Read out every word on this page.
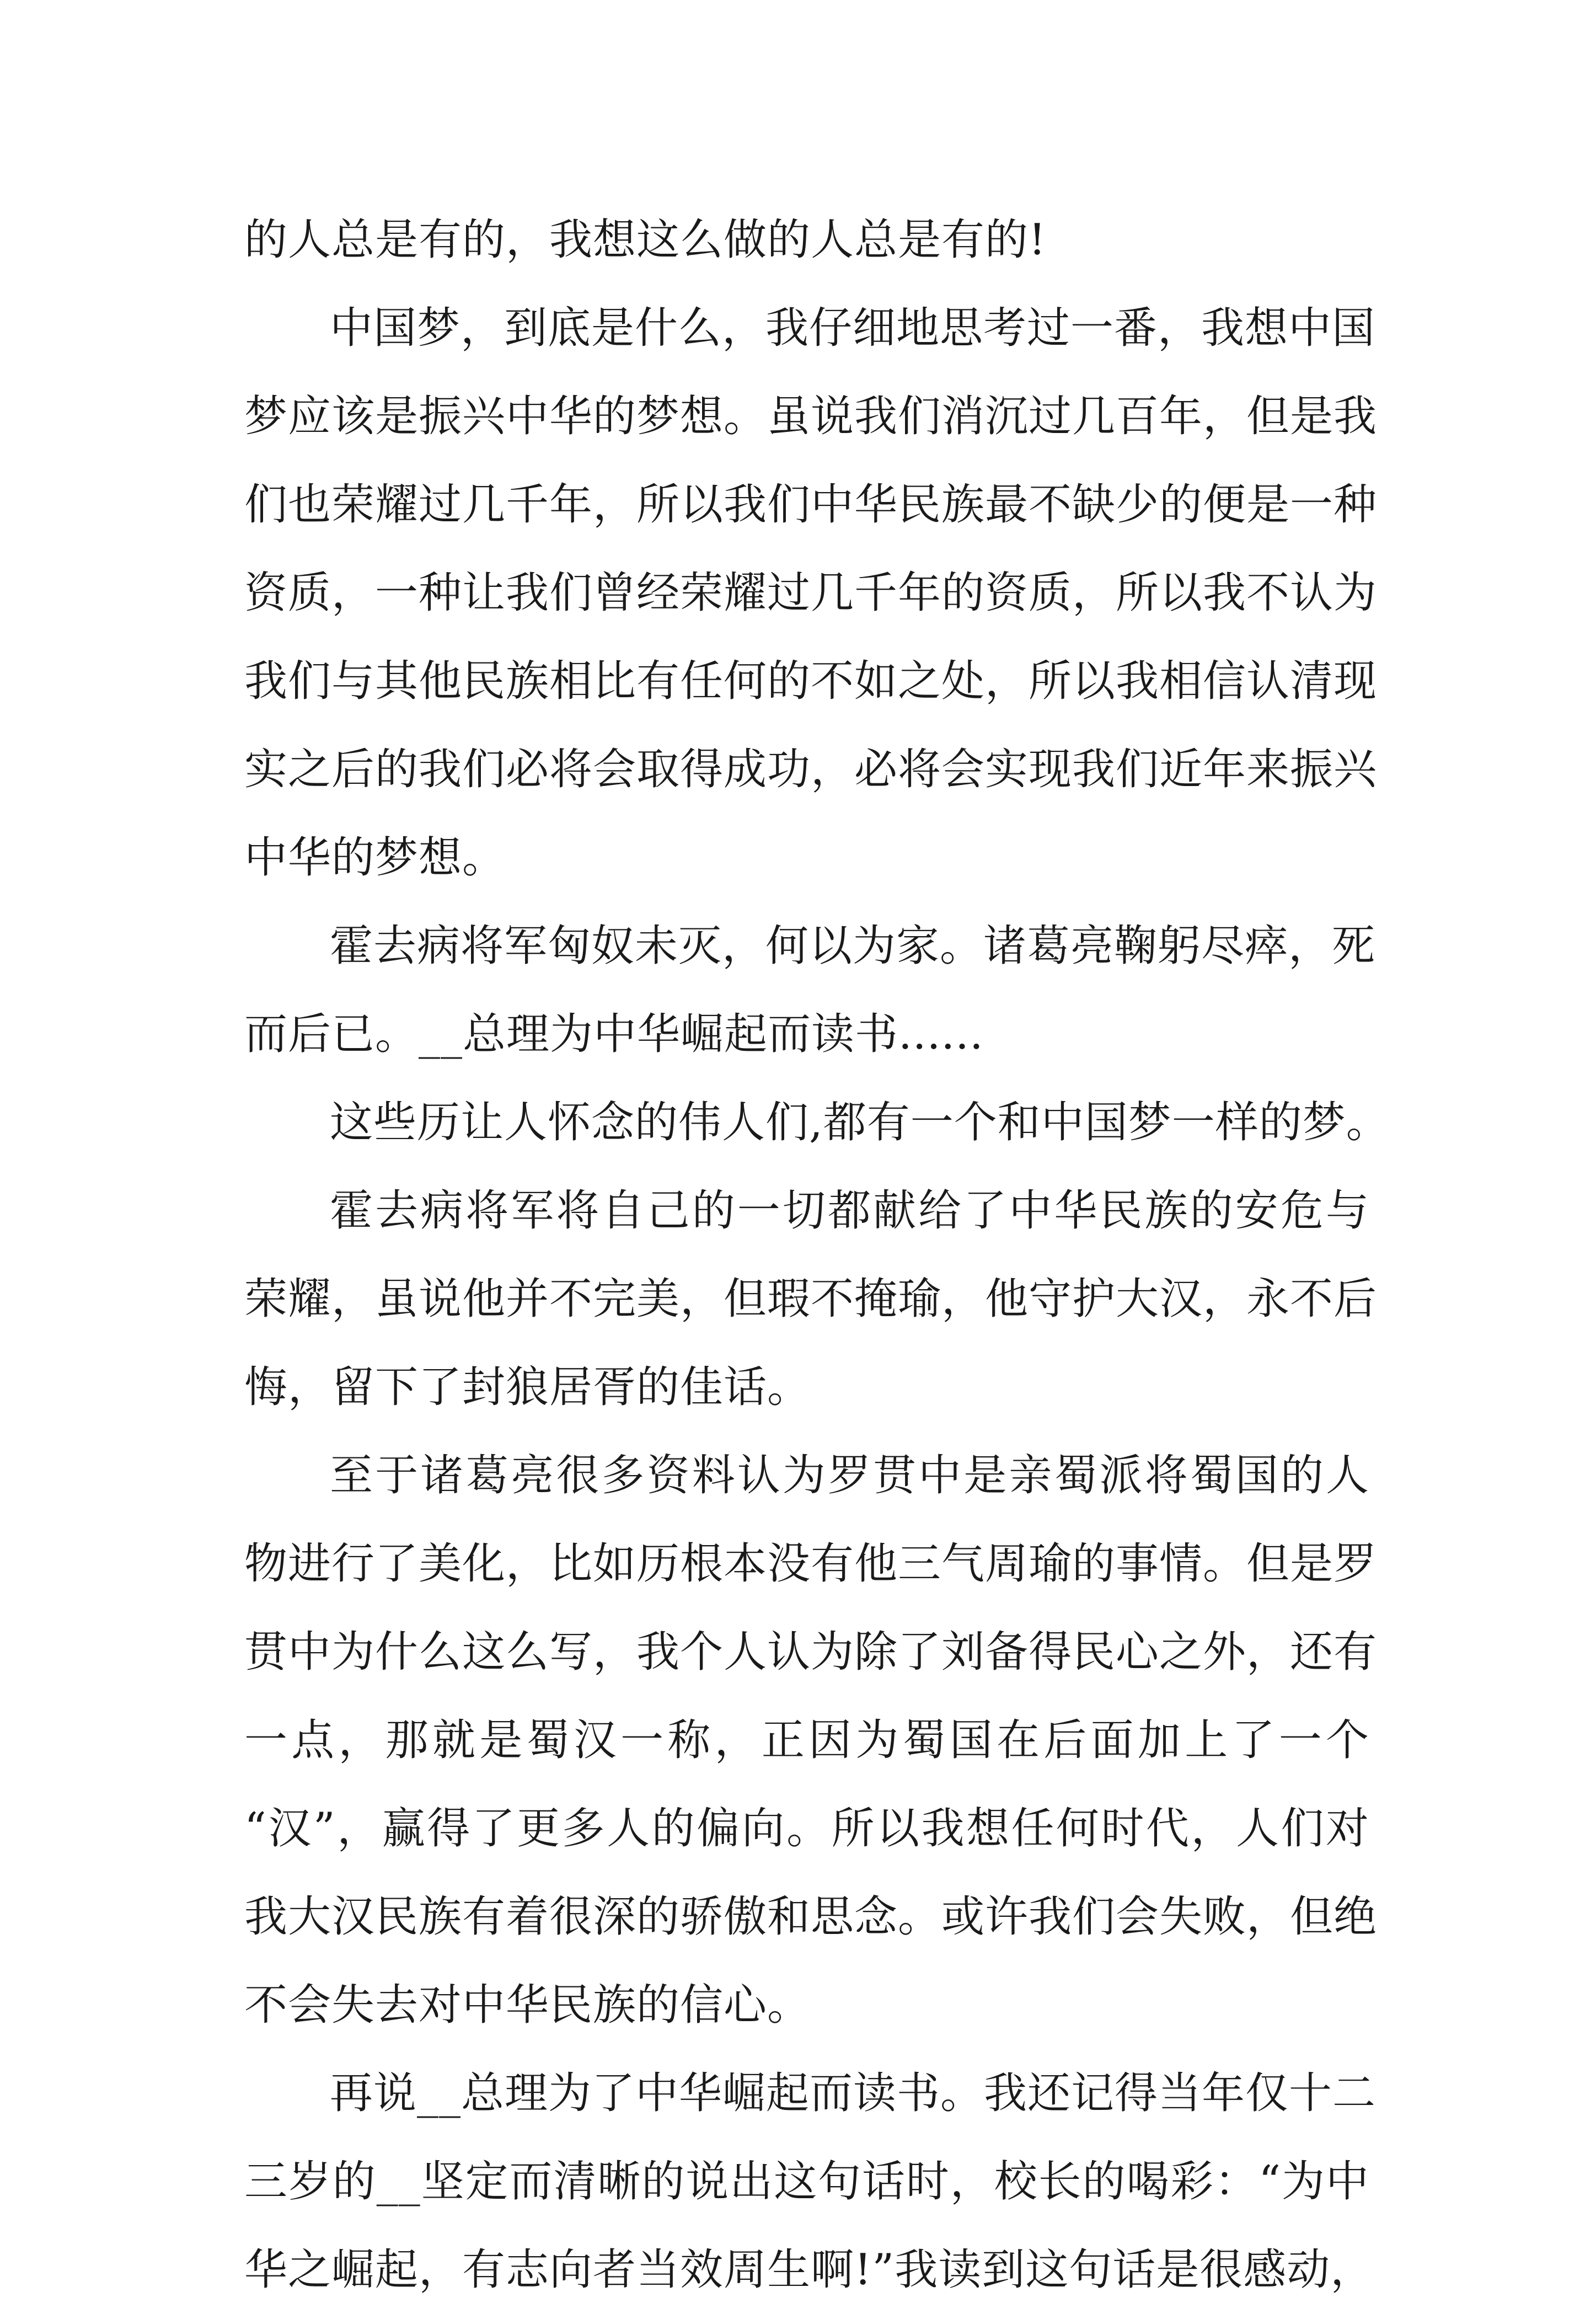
的人总是有的，我想这么做的人总是有的!
中国梦，到底是什么，我仔细地思考过一番，我想中国
梦应该是振兴中华的梦想。虽说我们消沉过几百年，但是我
们也荣耀过几千年，所以我们中华民族最不缺少的便是一种
资质，一种让我们曾经荣耀过几千年的资质，所以我不认为
我们与其他民族相比有任何的不如之处，所以我相信认清现
实之后的我们必将会取得成功，必将会实现我们近年来振兴
中华的梦想。
霍去病将军匈奴未灭，何以为家。诸葛亮鞠躬尽瘁，死
而后已。__总理为中华崛起而读书......
这些历让人怀念的伟人们,都有一个和中国梦一样的梦。
霍去病将军将自己的一切都献给了中华民族的安危与
荣耀，虽说他并不完美，但瑕不掩瑜，他守护大汉，永不后
悔，留下了封狼居胥的佳话。
至于诸葛亮很多资料认为罗贯中是亲蜀派将蜀国的人
物进行了美化，比如历根本没有他三气周瑜的事情。但是罗
贯中为什么这么写，我个人认为除了刘备得民心之外，还有
一点，那就是蜀汉一称，正因为蜀国在后面加上了一个
“汉”，赢得了更多人的偏向。所以我想任何时代，人们对
我大汉民族有着很深的骄傲和思念。或许我们会失败，但绝
不会失去对中华民族的信心。
再说__总理为了中华崛起而读书。我还记得当年仅十二
三岁的__坚定而清晰的说出这句话时，校长的喝彩：“为中
华之崛起，有志向者当效周生啊!”我读到这句话是很感动，
